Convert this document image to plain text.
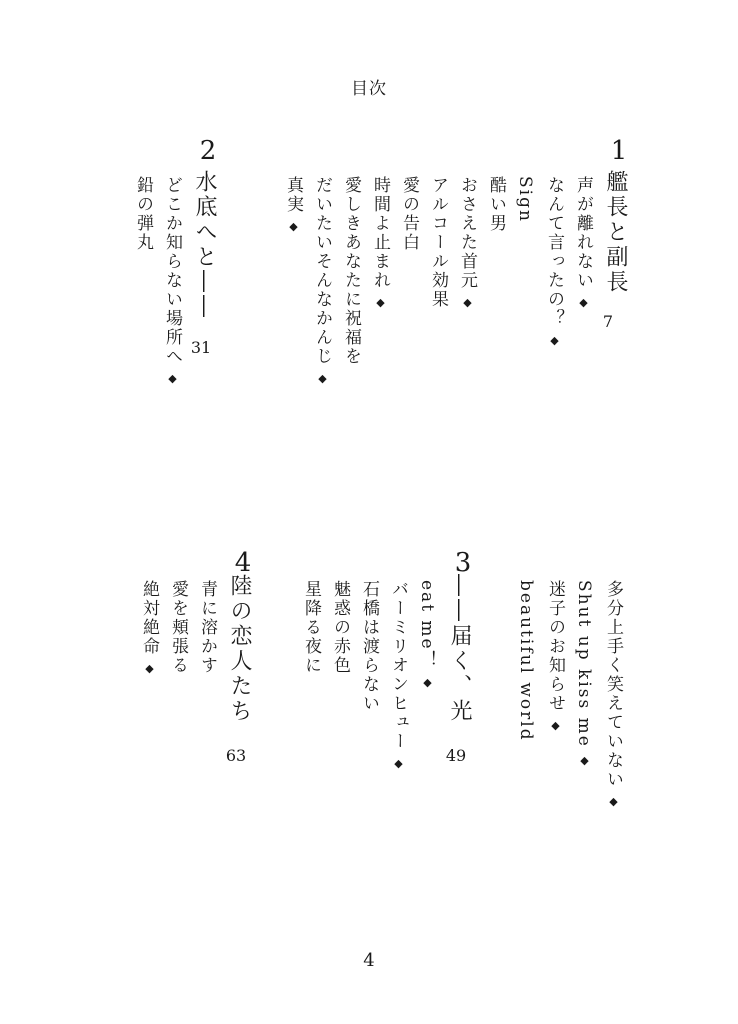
目次
1
艦長と副長
7
声が離れない◆
なんて言ったの？◆
Sign
酷い男
おさえた首元◆
アルコール効果
愛の告白
時間よ止まれ◆
愛しきあなたに祝福を
だいたいそんなかんじ◆
真実◆
2
水底へと――
31
どこか知らない場所へ◆
鉛の弾丸
3
多分上手く笑えていない◆
Shut up kiss me◆
迷子のお知らせ◆
beautiful world
――届く、光
49
eat me！◆
バーミリオンヒュー◆
石橋は渡らない
魅惑の赤色
星降る夜に
4
陸の恋人たち
63
青に溶かす
愛を頬張る
絶対絶命◆
4
